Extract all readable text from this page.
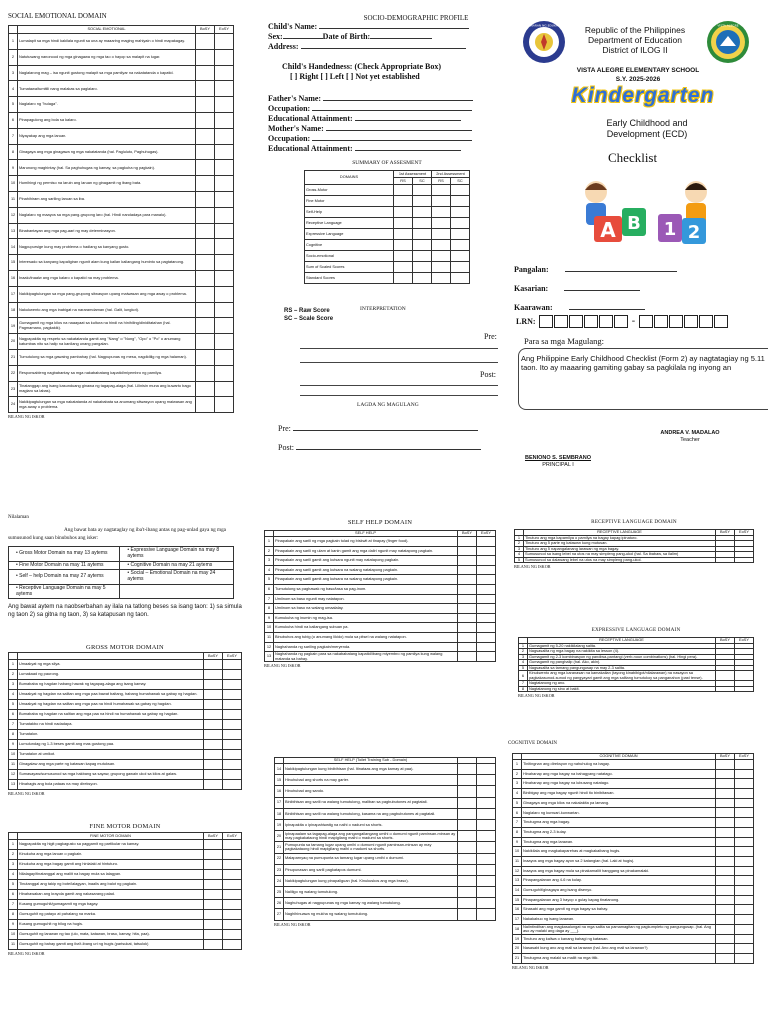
SOCIAL EMOTIONAL DOMAIN
	SOCIAL EMOTIONAL	BoSY	EoSY
1	Lumalapit sa mga hindi kakilala ngunit sa una ay maaaring maging mahiyain o hindi mapakagay.		
2	Natutuwang nanonood ng mga ginagawa ng mga tao o hayop sa malapit na lugar.		
3	Naglalarong mag – isa ngunit gustong malapit sa mga pamilyar na nakatatanda o kapatid.		
4	Tumatawa/tumitili nang malakas sa paglalaro.		
5	Naglalaro ng "bulaga".		
6	Pinapagulong ang bola sa kalaro.		
7	Niyayakap ang mga laruan.		
8	Ginagaya ang mga ginagawa ng mga nakatatanda (hal. Pagluluto, Paghuhugas).		
9	Marunong maghintay (hal. Sa paghuhugas ng kamay, sa pagkuha ng pagkain).		
10	Humihingi ng permiso na laruin ang laruan ng ginagamit ng ibang bata.		
11	Pinahihiram ang sariling laruan sa iba.		
12	Naglalaro ng maayos sa mga pang-grupong laro (hal. Hindi nandadaya para manalo).		
13	Binabantayan ang mga pag-aari ng may determinasyon.		
14	Nagpupursige kung may problema o hadlang sa kanyang gusto.		
15	Interesado sa kanyang kapaligiran ngunit alam kung kailan kailangang huminto sa pagtatanong.		
16	Inaalo/inaalw ang mga kalaro o kapatid na may problema.		
17	Nakikipagtulungan sa mga pang-grupong sitwasyon upang maiwasan ang mga away o problema.		
18	Nakukwento ang mga inabigat na nararamdaman (hal. Galit, lungkot).		
19	Gumagamit ng mga kilos na naaayaat sa kultura na hindi na hinihiling/diniditatahan (hal. Pagmamano, pagkakik).		
20	Nagpapakita ng respeto sa nakatatanda gamit ang "Nang" o "Nong", "Opo" o "Po" o anumang katumbas nito sa halip na kanilang unang pangalan.		
21	Tumutulong sa mga gawaing pambahay (hal. Nagpupunas ng mesa, nagdidilig ng mga halaman).		
22	Responsableng nagbabantay sa mga nakababatang kapatid/miyembro ng pamilya.		
23	Tinatanggap ang isang kasunduang ginawa ng tagapag-alaga (hal. Lilinisin muna ang kuwarto bago maglaro sa labas).		
24	Nakikipagtulungan sa mga nakatatanda at nakababata sa anumang sitwasyon upang maiwasan ang mga away o problema.		
BILANG NG ISKOR
SOCIO-DEMOGRAPHIC PROFILE
Child's Name:
Sex:	Date of Birth:
Address:
Child's Handedness: (Check Appropriate Box)
[ ] Right [ ] Left [ ] Not yet established
Father's Name:
Occupation:
Educational Attainment:
Mother's Name:
Occupation:
Educational Attainment:
SUMMARY OF ASSESMENT
DOMAINS	1st Assessment		2nd Assessment	
	RS	SC	RS	SC
Gross-Motor				
Fine Motor				
Self-Help				
Receptive Language				
Expressive Language				
Cognitive				
Socio-emotional				
Sum of Scaled Scores				
Standard Scores				
RS – Raw Score
SC – Scale Score
INTERPRETATION
Pre:
Post:
LAGDA NG MAGULANG
Pre:
Post:
KAGAWARAN NG EDUKASYON	VISTA ALEGRE
Republic of the Philippines
Department of Education
District of ILOG II
VISTA ALEGRE ELEMENTARY SCHOOL
S.Y. 2025-2026
Kindergarten
Early Childhood and
Development (ECD)
Checklist
A B 1 2
Pangalan:
Kasarian:
Kaarawan:
LRN:	-
Para sa mga Magulang:
Ang Philippine Early Childhood Checklist (Form 2) ay nagtatagiay ng 5.11 taon. Ito ay maaaring gamiting gabay sa pagkilala ng inyong an
ANDREA V. MADALAO
Teacher
BENIONO S. SEMBRANO
PRINCIPAL I
Nilalaman
Ang bawat bata ay nagtataglay ng iba't-ibang antas ng pag-unlad gaya ng mga sumusunod kung saan binubuhos ang isker:
• Gross Motor Domain na may 13 aytems	• Expressive Language Domain na may 8 aytems
• Fine Motor Domain na may 11 aytems	• Cognitive Domain na may 21 aytems
• Self – help Domain na may 27 aytems	• Social – Emotional Domain na may 24 aytems
• Receptive Language Domain na may 5 aytems	
Ang bawat aytem na naobserbahan ay ilala na tatlong beses sa isang taon: 1) sa simula ng taon 2) sa gitna ng taon, 3) sa katapusan ng taon.
GROSS MOTOR DOMAIN
		BoSY	EoSY
1	Umaakyat ng mga silya.		
2	Lumakaad ng paurong.		
3	Bumababa ng hagdan habang hawak ng tagapag-alaga ang isang kamay.		
4	Umaakyat ng hagdan na salitan ang mga paa bawat baitang, habang humahawak sa gabay ng hagdan.		
5	Umaakyat ng hagdan na salitan ang mga paa na hindi humahawak sa gabay ng hagdan.		
6	Bumababa ng hagdan na salitan ang mga paa na hindi na humahawak sa gabay ng hagdan.		
7	Tumatakbo na hindi nadadapa.		
8	Tumatalon.		
9	Lumulundag ng 1-3 beses gamit ang mas gustong paa.		
10	Tumatalon at umikot.		
11	Ginagalaw ang mga parte ng katawan kapag mutuksan.		
12	Sumasayaw/sumusunod sa mga hakbang sa sayaw, grupong gawain ukol sa kilos at galaw.		
13	Hinahagis ang bola pataas na may direksyon.		
BILANG NG ISKOR
FINE MOTOR DOMAIN
	FINE MOTOR DOMAIN	BoSY	EoSY
1	Nagpapakita ng higit pagkagusto sa paggamit ng partikular na kamay.		
2	Kinukuha ang mga laruan o pagkain.		
3	Kinukuha ang mga bagay gamit ang hinlalaki at hintuturo.		
4	Nilalagay/tinatanggal ang maliit na bagay mula sa lalagyan.		
5	Tinutanggal ang takip ng bote/lalagyan, inaalis ang balot ng pagkain.		
6	Hinahawakan ang krayola gamit ang nakasarang palad.		
7	Kusang gumuguhit/gumagamit ng mga bagay.		
8	Gumuguhit ng patayo at pahalang na marka.		
9	Kusang gumuguhit ng bilog na hugis.		
10	Gumuguhit ng larawan ng tao (ulo, mata, katawan, braso, kamay, hita, paa).		
11	Gumuguhit ng bahay gamit ang iba't-ibang uri ng hugis (parisukat, tatsulok)		
BILANG NG ISKOR
SELF HELP DOMAIN
	SELF HELP	BoSY	EoSY
1	Pinapakain ang sarili ng mga pagkain tulad ng biskwit at tinapay (finger food).		
2	Pinapakain ang sarili ng ulam at kanin gamit ang mga daliri ngunit may natatapong pagkain.		
3	Pinapakain ang sarili gamit ang kutsara ngunit may natatapong pagkain.		
4	Pinapakain ang sarili gamit ang kutsara na walang natatapong pagkain.		
5	Pinapakain ang sarili gamit ang kutsara na walang natatapong pagkain.		
6	Tumutulong sa paghawak ng baso/tasa sa pag-inom.		
7	Umiinom sa baso ngunit may natatapon.		
8	Umiinom sa baso na walang umaalalay.		
9	Kumukuha ng inumin ng mag-isa.		
10	Kumukuha hindi na kailangang subuan pa.		
11	Binubuhos ang tubig (o anumang likido) mula sa pitsel na walang natatapon.		
12	Naghahanda ng sariling pagkain/meryenda.		
13	Naghahanda ng pagkain para sa nakababatang kapatid/ibang miyembro ng pamilya kung walang matanda sa bahay.		
BILANG NG ISKOR
	SELF HELP (Toilet Training Sub - Domain)		
14	Nakikipagtulungan kung binibihisan (hal. Itinataas ang mga kamay at paa).		
15	Hinuhubad ang shorts na may garter.		
16	Hinuhubad ang sando.		
17	Binibihisan ang sarili na walang tumutulong, maliban sa pagbubutones at pagtatali.		
18	Binibihisan ang sarili na walang tumutulong, kasama na ang pagbubutones at pagtatali.		
19	Ipinapakita o ipinapahiwatig na naihi o nadumi sa shorts.		
20	Ipinapaalam sa tagapag-alaga ang pangangailangang umihi o dumumi ngunit paminsan-minsan ay may pagkakataong hindi mapigilang maihi o madumi sa shorts.		
21	Pumupunta sa tamang lugar upang umihi o dumumi ngunit paminsan-minsan ay may pagkakataong hindi mapigilang maihi o madumi sa shorts.		
22	Malaparnyaq na pumupunta sa tamang lugar upang umihi o dumumi.		
23	Pinupunasan ang sarili pagkatapos dumumi.		
24	Nakikipagtulungan kung pinapaliguan (hal. Kinukuskos ang mga braso).		
25	Naliligo ng walang tumutulong.		
26	Naghuhugas at nagpupunas ng mga kamay ng walang tumutulong.		
27	Naghihinuawa ng mukha ng walang tumutulong.		
BILANG NG ISKOR
RECEPTIVE LANGUAGE DOMAIN
	RECEPTIVE LANGUAGE	BoSY	EoSY
1	Tinuturo ang mga kapamilya o pamilya na bagay kapag ipinaturo.		
2	Tinuturo ang 5 parte ng katawan kung mutusan.		
3	Tinuturo ang 5 napangalanang larawan ng mga bagay.		
4	Sumusunod sa isang lebel na utos na may simpleng pang-ukol (hal. Sa ibabaw, sa ilalim)		
5	Sumusunod sa dalawang lebel na utos na may simpleng pang-ukol.		
BILANG NG ISKOR
EXPRESSIVE LANGUAGE DOMAIN
	RECEPTIVE LANGUAGE	BoSY	EoSY
1	Gumagamit ng 5-20 nakikilalang salita.		
2	Nagsasalita ng mga bagay na nakikita sa lesson (4).		
3	Gumagamit ng 2-3 kombinasyon ng pandiwa-pantangi (verb-noun combinations) (hal. Hingi pera).		
4	Gumagamit ng panghalip (hal. Ako, akin).		
5	Nagsasalita sa tamang pangungusap na may 2-3 salita.		
6	Kinukwento ang mga karanasan na kamakailan (tayong kinabibigot/nilalarawan) na nasayon sa pagkakasunod-sunod ng pangyayari gamit ang mga salitang tumutukoy sa panganahon (past tense).		
7	Nagtatanong ng ano.		
8	Nagtatanong ng sino at bakit.		
BILANG NG ISKOR
COGNITIVE DOMAIN
	COGNITIVE DOMAIN	BoSY	EoSY
1	Tinitingnan ang direksyon ng nahuhulog na bagay.		
2	Hinahanap ang mga bagay na bahagyang natatago.		
3	Hinahanap ang mga bagay na lubusang natatago.		
4	Binibigay ang mga bagay ngunit hindi ito binibitawan.		
5	Ginagaya ang mga kilos na nakalakita pa lamang.		
6	Naglalaro ng kunwari-kunwarian.		
7	Tinutugma ang mga bagay.		
8	Tinutugma ang 2-3 kulay.		
9	Tinutugma ang mga larawan.		
10	Nakikilala ang magkakaparehas at magkakaibang hugis.		
11	Inaayos ang mga bagay ayon sa 2 katangian (hal. Laki at hugis).		
12	Inaayos ang mga bagay mula sa pinakamaliit hanggang sa pinakamalaki.		
13	Pinapangalanan ang 4-6 na kulay.		
14	Gumuguhit/ginagaya ang isang disenyo.		
15	Pinapangalanan ang 3 hayop o gulay kapag tinatanong.		
16	Sinasabi ang mga gamit ng mga bagay sa bahay.		
17	Nakakabuo ng isang larawan.		
18	Naiintindihan ang magkasalungat na mga salita sa pamamagitan ng pagkumpleto ng pangungusap. (hal. Ang aso ay malaki ang daga ay ___).		
19	Tinuturo ang kaliwa o kanang bahagi ng katawan.		
20	Nasasabi kung ano ang mali sa larawan (hal. Ano ang mali sa larawan?)		
21	Tinutugma ang malaki sa maliit na mga titik.		
BILANG NG ISKOR
